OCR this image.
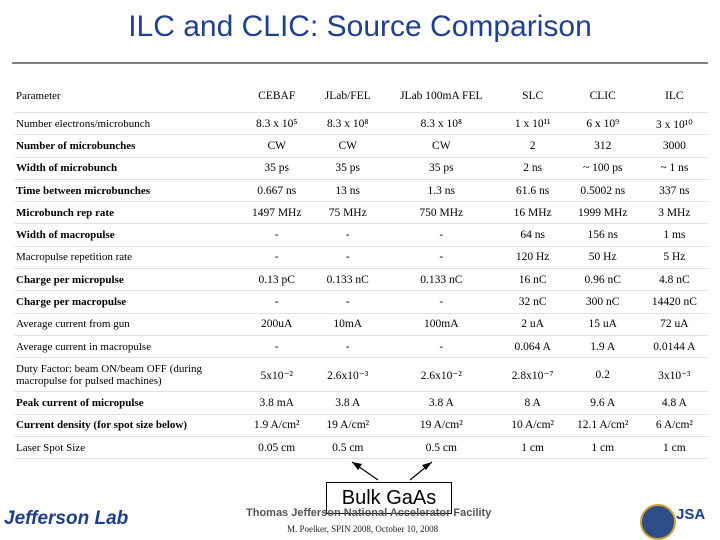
ILC and CLIC: Source Comparison
Parameter	CEBAF	JLab/FEL	JLab 100mA FEL	SLC	CLIC	ILC
Number electrons/microbunch	8.3 x 10⁵	8.3 x 10⁸	8.3 x 10⁸	1 x 10¹¹	6 x 10⁹	3 x 10¹⁰
Number of microbunches	CW	CW	CW	2	312	3000
Width of microbunch	35 ps	35 ps	35 ps	2 ns	~ 100 ps	~ 1 ns
Time between microbunches	0.667 ns	13 ns	1.3 ns	61.6 ns	0.5002 ns	337 ns
Microbunch rep rate	1497 MHz	75 MHz	750 MHz	16 MHz	1999 MHz	3 MHz
Width of macropulse	-	-	-	64 ns	156 ns	1 ms
Macropulse repetition rate	-	-	-	120 Hz	50 Hz	5 Hz
Charge per micropulse	0.13 pC	0.133 nC	0.133 nC	16 nC	0.96 nC	4.8 nC
Charge per macropulse	-	-	-	32 nC	300 nC	14420 nC
Average current from gun	200uA	10mA	100mA	2 uA	15 uA	72 uA
Average current in macropulse	-	-	-	0.064 A	1.9 A	0.0144 A
Duty Factor: beam ON/beam OFF (during macropulse for pulsed machines)	5x10⁻²	2.6x10⁻³	2.6x10⁻²	2.8x10⁻⁷	0.2	3x10⁻³
Peak current of micropulse	3.8 mA	3.8 A	3.8 A	8 A	9.6 A	4.8 A
Current density (for spot size below)	1.9 A/cm²	19 A/cm²	19 A/cm²	10 A/cm²	12.1 A/cm²	6 A/cm²
Laser Spot Size	0.05 cm	0.5 cm	0.5 cm	1 cm	1 cm	1 cm
Bulk GaAs
Jefferson Lab	Thomas Jefferson National Accelerator Facility
M. Poelker, SPIN 2008, October 10, 2008
JSA
